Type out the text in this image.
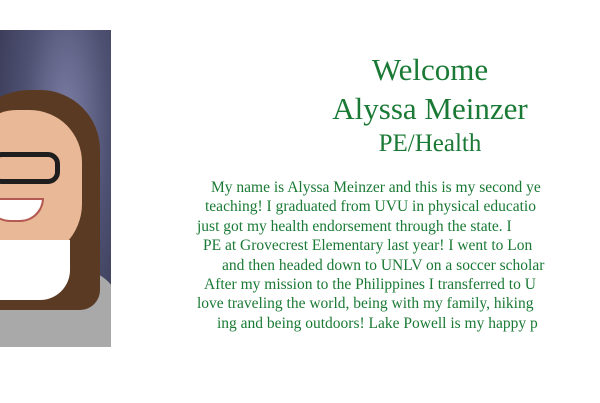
Welcome
Alyssa Meinzer
PE/Health
My name is Alyssa Meinzer and this is my second ye
teaching! I graduated from UVU in physical educatio
just got my health endorsement through the state. I
PE at Grovecrest Elementary last year! I went to Lon
and then headed down to UNLV on a soccer scholar
After my mission to the Philippines I transferred to U
love traveling the world, being with my family, hiking
ing and being outdoors! Lake Powell is my happy p
